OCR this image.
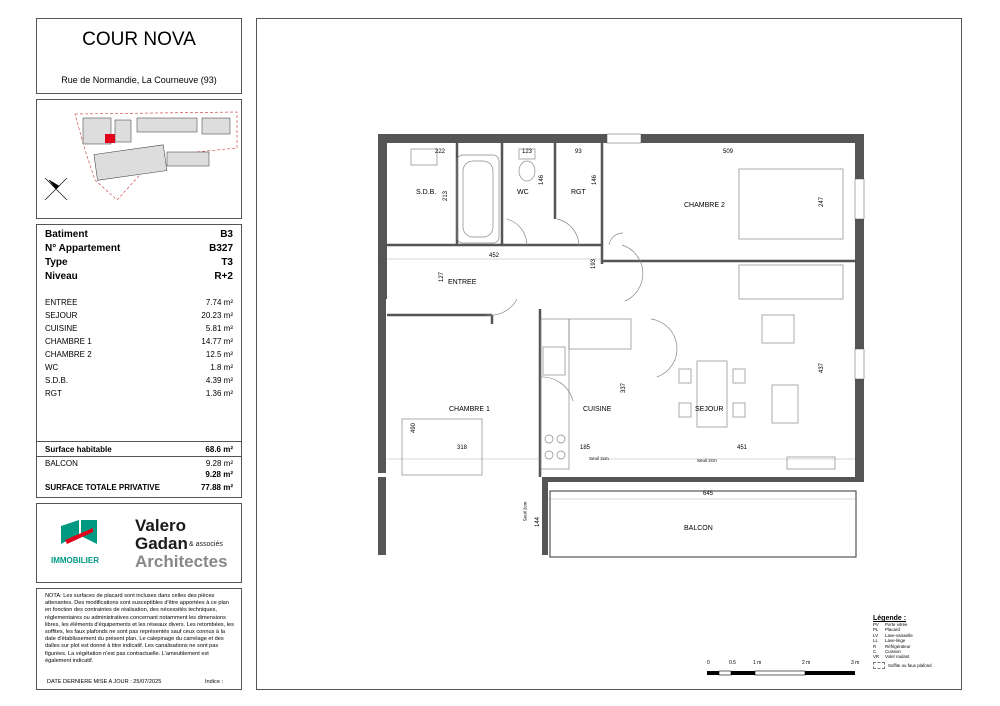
COUR NOVA
Rue de Normandie, La Courneuve (93)
Batiment	B3
N° Appartement	B327
Type	T3
Niveau	R+2
ENTREE	7.74 m²
SEJOUR	20.23 m²
CUISINE	5.81 m²
CHAMBRE 1	14.77 m²
CHAMBRE 2	12.5 m²
WC	1.8 m²
S.D.B.	4.39 m²
RGT	1.36 m²
Surface habitable	68.6 m²
BALCON	9.28 m²
9.28 m²
SURFACE TOTALE PRIVATIVE	77.88 m²
IMMOBILIER
Valero
Gadan & associés
Architectes
NOTA: Les surfaces de placard sont incluses dans celles des pièces attenantes. Des modifications sont susceptibles d'être apportées à ce plan en fonction des contraintes de réalisation, des nécessités techniques, réglementaires ou administratives concernant notamment les dimensions libres, les éléments d'équipements et les réseaux divers. Les retombées, les soffites, les faux plafonds ne sont pas représentés sauf ceux connus à la date d'établissement du présent plan. Le calepinage du carrelage et des dalles sur plot est donné à titre indicatif. Les canalisations ne sont pas figurées. La végétation n'est pas contractuelle. L'ameublement est également indicatif.
DATE DERNIERE MISE A JOUR : 25/07/2025	Indice :
S.D.B.	WC	RGT
CHAMBRE 2
ENTREE
CHAMBRE 1	CUISINE	SEJOUR
BALCON
222	123	93	509
213
146	146
247
452
127
193
437
337
490
318	185	451
645
144
Seuil 2cm	Seuil 2cm
Seuil 2cm
0	0.5	1 m	2 m	3 m
Légende :
PV Porte vitrée
PL Placard
LV Lave-vaisselle
LL Lave-linge
R Réfrigérateur
C Cuisson
VR Volet roulant
Soffite ou faux plafond
